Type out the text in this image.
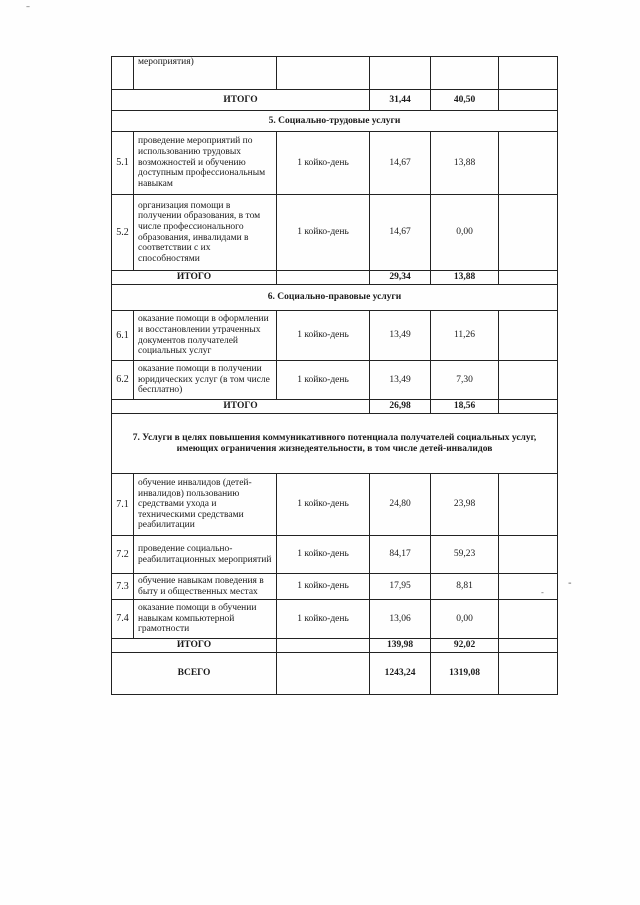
–
-
-
	мероприятия)				
ИТОГО			31,44	40,50	
5. Социально-трудовые услуги					
5.1	проведение мероприятий по использованию трудовых возможностей и обучению доступным профессиональным навыкам	1 койко-день	14,67	13,88	
5.2	организация помощи в получении образования, в том числе профессионального образования, инвалидами в соответствии с их способностями	1 койко-день	14,67	0,00	
ИТОГО			29,34	13,88	
6. Социально-правовые услуги					
6.1	оказание помощи в оформлении и восстановлении утраченных документов получателей социальных услуг	1 койко-день	13,49	11,26	
6.2	оказание помощи в получении юридических услуг (в том числе бесплатно)	1 койко-день	13,49	7,30	
ИТОГО			26,98	18,56	
7. Услуги в целях повышения коммуникативного потенциала получателей социальных услуг, имеющих ограничения жизнедеятельности, в том числе детей-инвалидов					
7.1	обучение инвалидов (детей-инвалидов) пользованию средствами ухода и техническими средствами реабилитации	1 койко-день	24,80	23,98	
7.2	проведение социально-реабилитационных мероприятий	1 койко-день	84,17	59,23	
7.3	обучение навыкам поведения в быту и общественных местах	1 койко-день	17,95	8,81	
7.4	оказание помощи в обучении навыкам компьютерной грамотности	1 койко-день	13,06	0,00	
ИТОГО			139,98	92,02	
ВСЕГО			1243,24	1319,08	
